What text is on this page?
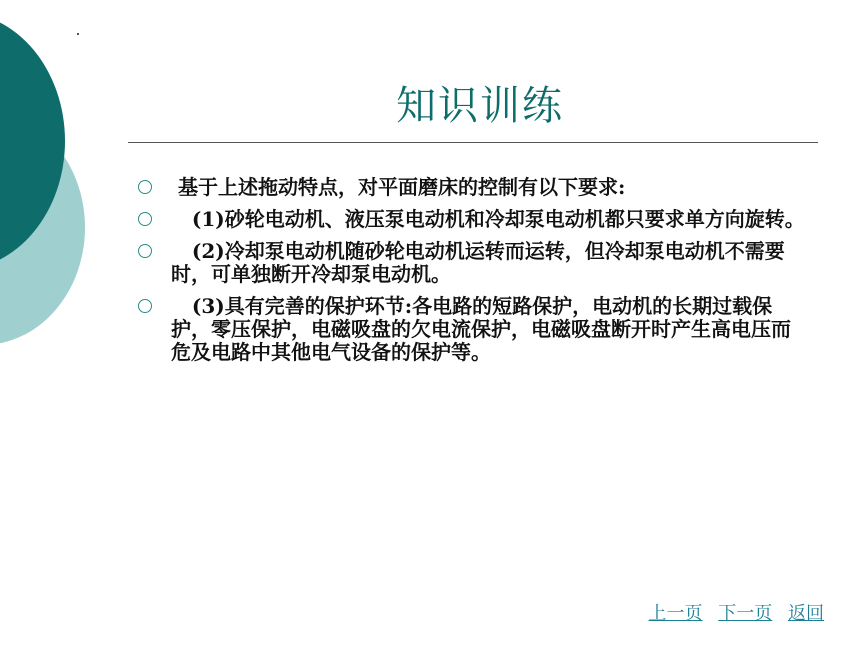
知识训练
基于上述拖动特点，对平面磨床的控制有以下要求:
(1)砂轮电动机、液压泵电动机和冷却泵电动机都只要求单方向旋转。
(2)冷却泵电动机随砂轮电动机运转而运转，但冷却泵电动机不需要时，可单独断开冷却泵电动机。
(3)具有完善的保护环节:各电路的短路保护，电动机的长期过载保护，零压保护，电磁吸盘的欠电流保护，电磁吸盘断开时产生高电压而危及电路中其他电气设备的保护等。
上一页 下一页 返回
